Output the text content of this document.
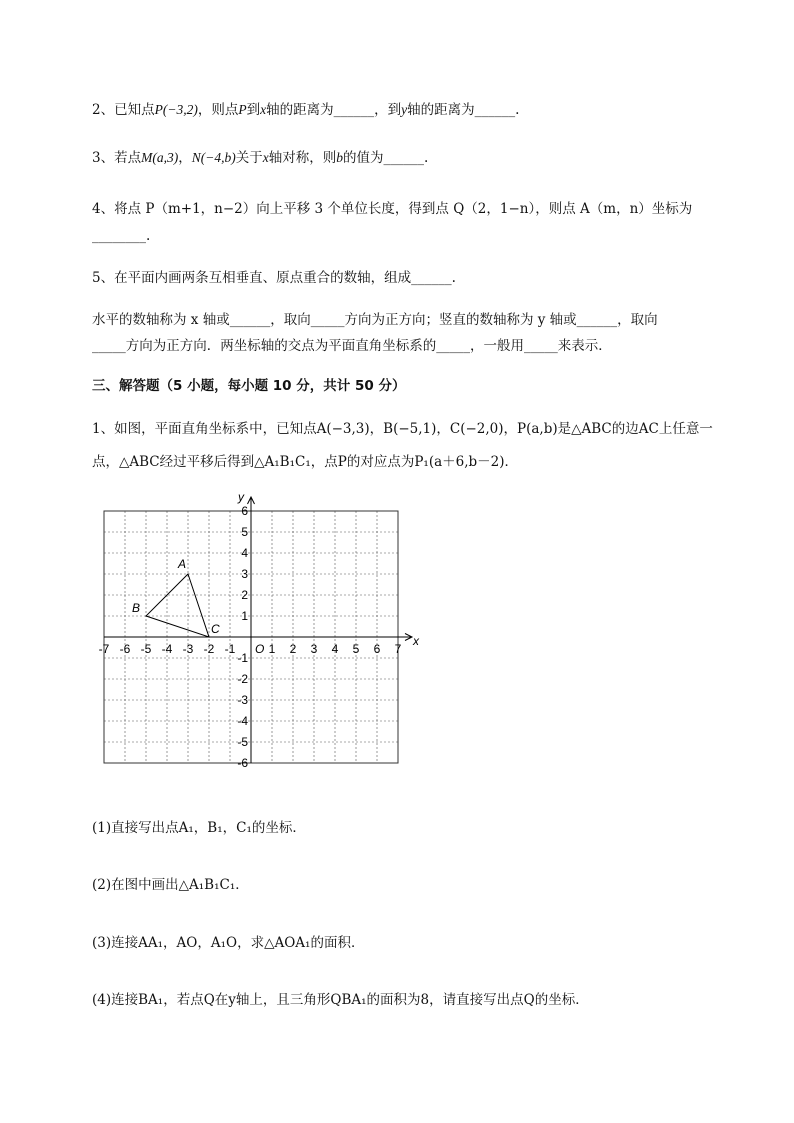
2、已知点P(−3,2)，则点P到x轴的距离为______，到y轴的距离为______.
3、若点M(a,3)，N(−4,b)关于x轴对称，则b的值为______.
4、将点 P（m+1，n−2）向上平移 3 个单位长度，得到点 Q（2，1−n），则点 A（m，n）坐标为
________.
5、在平面内画两条互相垂直、原点重合的数轴，组成______.
水平的数轴称为 x 轴或______，取向_____方向为正方向；竖直的数轴称为 y 轴或______，取向
_____方向为正方向．两坐标轴的交点为平面直角坐标系的_____，一般用_____来表示．
三、解答题（5 小题，每小题 10 分，共计 50 分）
1、如图，平面直角坐标系中，已知点A(−3,3)，B(−5,1)，C(−2,0)，P(a,b)是△ABC的边AC上任意一
点，△ABC经过平移后得到△A₁B₁C₁，点P的对应点为P₁(a＋6,b－2)．
x
y
O
-7 -6 -5 -4 -3 -2 -1	1 2 3 4 5 6 7
6
5
4
3
2
1
-1
-2
-3
-4
-5
-6
A
B
C
(1)直接写出点A₁，B₁，C₁的坐标．
(2)在图中画出△A₁B₁C₁．
(3)连接AA₁，AO，A₁O，求△AOA₁的面积．
(4)连接BA₁，若点Q在y轴上，且三角形QBA₁的面积为8，请直接写出点Q的坐标．
